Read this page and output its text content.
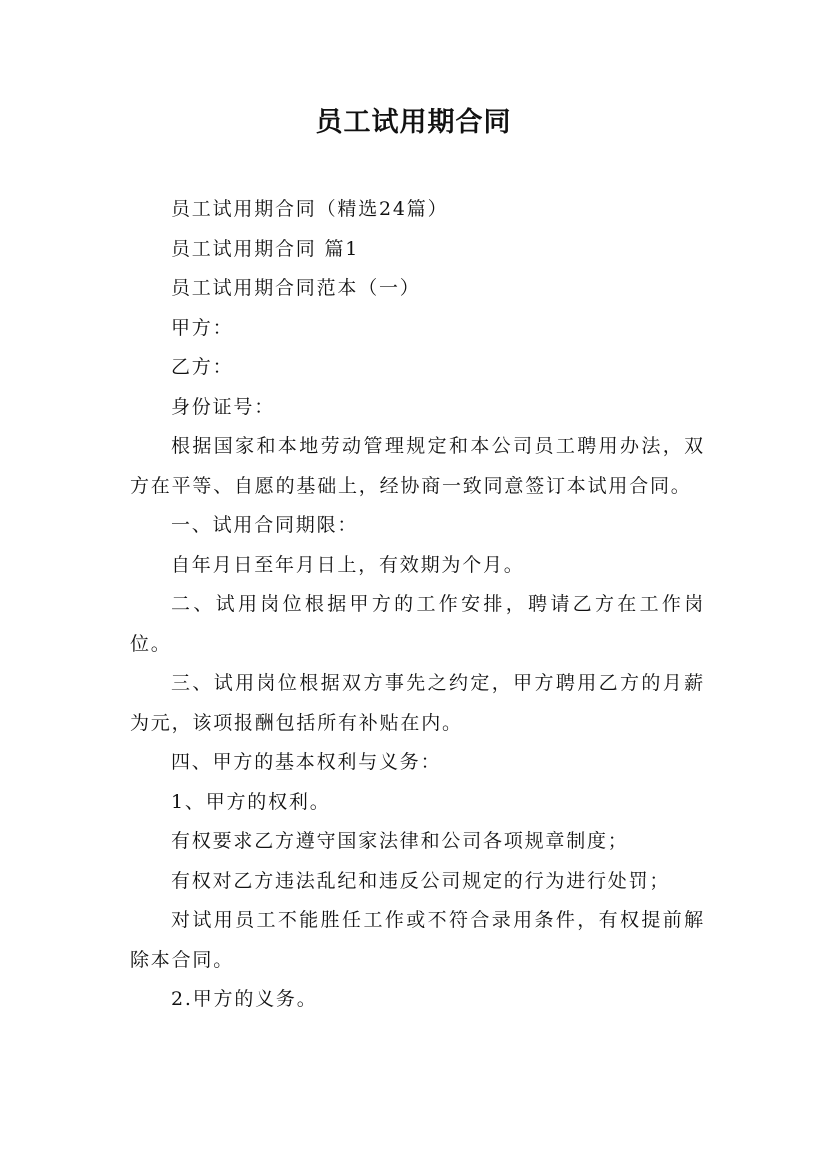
员工试用期合同

员工试用期合同（精选24篇）

员工试用期合同 篇1

员工试用期合同范本（一）

甲方：

乙方：

身份证号：

根据国家和本地劳动管理规定和本公司员工聘用办法，双方在平等、自愿的基础上，经协商一致同意签订本试用合同。

一、试用合同期限：

自年月日至年月日上，有效期为个月。

二、试用岗位根据甲方的工作安排，聘请乙方在工作岗位。

三、试用岗位根据双方事先之约定，甲方聘用乙方的月薪为元，该项报酬包括所有补贴在内。

四、甲方的基本权利与义务：

1、甲方的权利。

有权要求乙方遵守国家法律和公司各项规章制度；

有权对乙方违法乱纪和违反公司规定的行为进行处罚；

对试用员工不能胜任工作或不符合录用条件，有权提前解除本合同。

2.甲方的义务。
